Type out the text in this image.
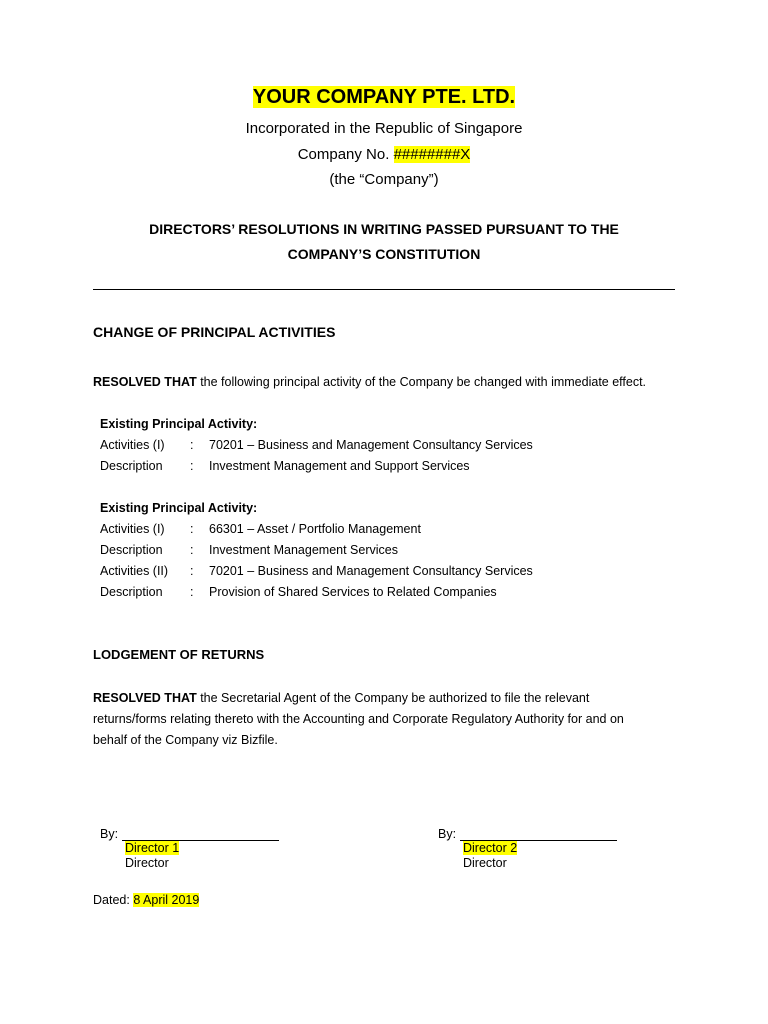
YOUR COMPANY PTE. LTD.
Incorporated in the Republic of Singapore
Company No. ########X
(the “Company”)
DIRECTORS’ RESOLUTIONS IN WRITING PASSED PURSUANT TO THE
COMPANY’S CONSTITUTION
CHANGE OF PRINCIPAL ACTIVITIES
RESOLVED THAT the following principal activity of the Company be changed with immediate effect.
Existing Principal Activity:
Activities (I) : 70201 – Business and Management Consultancy Services
Description : Investment Management and Support Services
Existing Principal Activity:
Activities (I) : 66301 – Asset / Portfolio Management
Description : Investment Management Services
Activities (II) : 70201 – Business and Management Consultancy Services
Description : Provision of Shared Services to Related Companies
LODGEMENT OF RETURNS
RESOLVED THAT the Secretarial Agent of the Company be authorized to file the relevant
returns/forms relating thereto with the Accounting and Corporate Regulatory Authority for and on
behalf of the Company viz Bizfile.
By:
Director 1
Director
By:
Director 2
Director
Dated: 8 April 2019
